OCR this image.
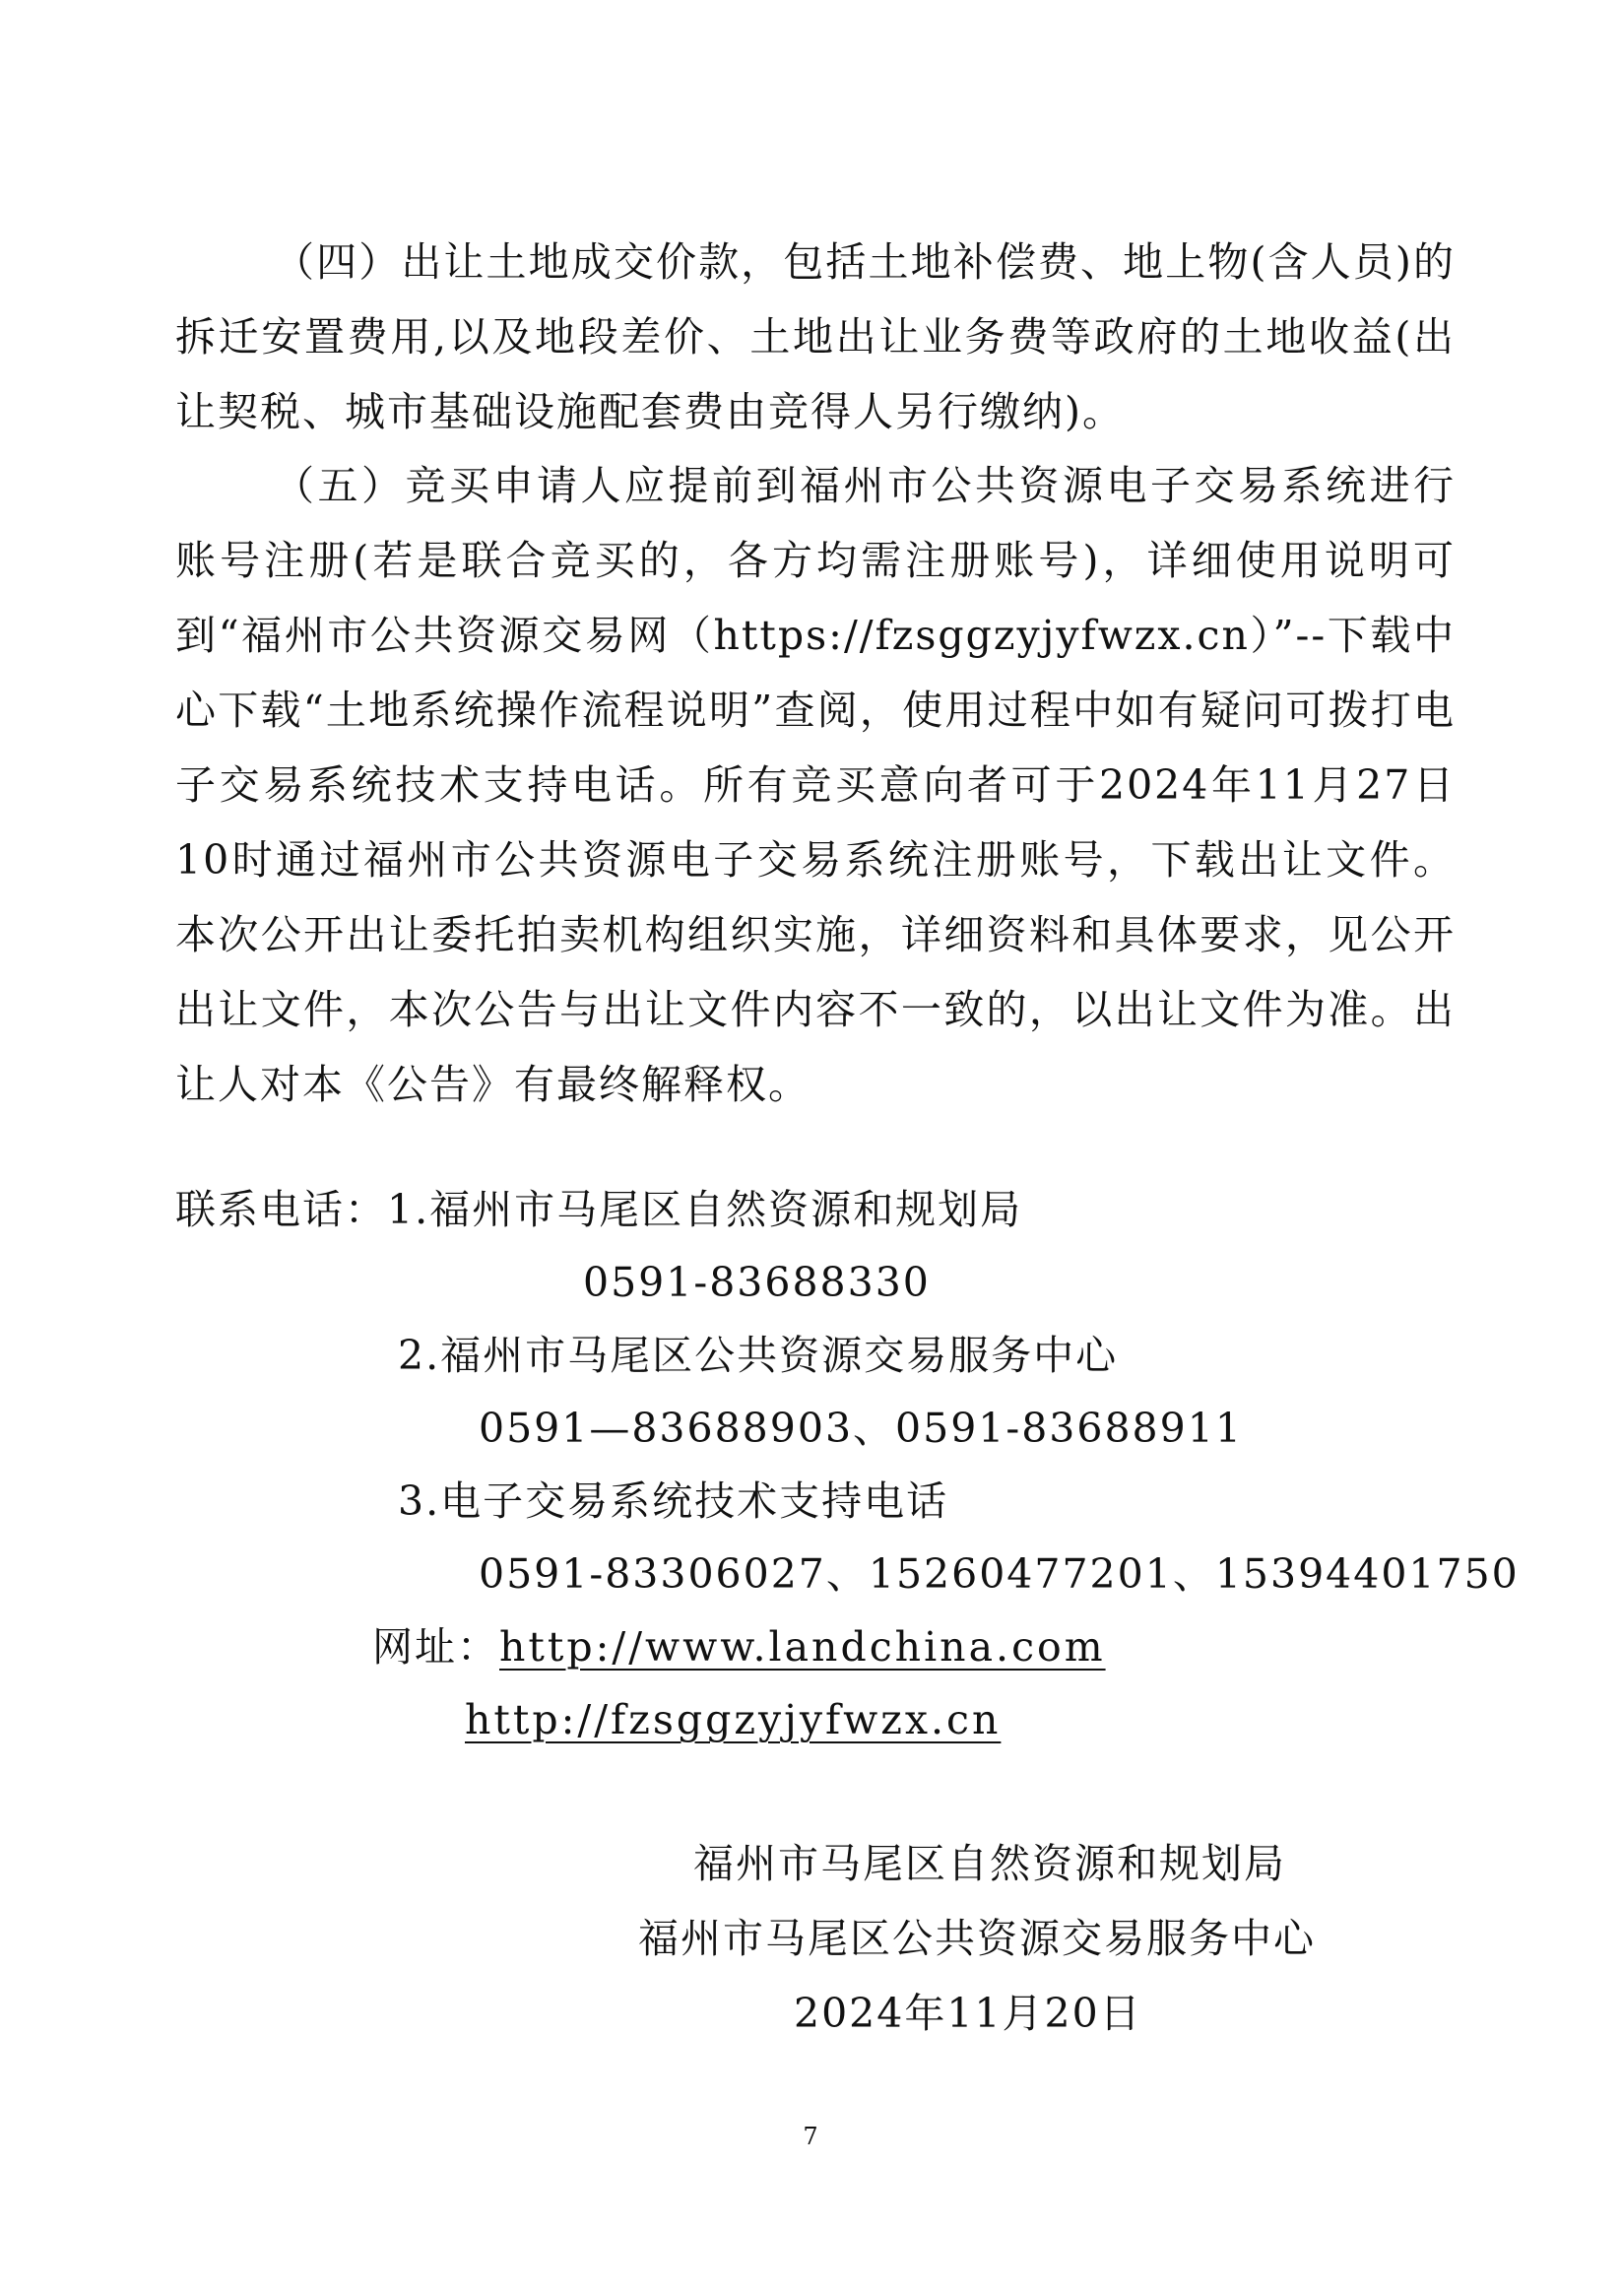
（四）出让土地成交价款，包括土地补偿费、地上物(含人员)的拆迁安置费用,以及地段差价、土地出让业务费等政府的土地收益(出让契税、城市基础设施配套费由竞得人另行缴纳)。

（五）竞买申请人应提前到福州市公共资源电子交易系统进行账号注册(若是联合竞买的，各方均需注册账号)，详细使用说明可到“福州市公共资源交易网（https://fzsggzyjyfwzx.cn）”--下载中心下载“土地系统操作流程说明”查阅，使用过程中如有疑问可拨打电子交易系统技术支持电话。所有竞买意向者可于2024年11月27日10时通过福州市公共资源电子交易系统注册账号，下载出让文件。本次公开出让委托拍卖机构组织实施，详细资料和具体要求，见公开出让文件，本次公告与出让文件内容不一致的，以出让文件为准。出让人对本《公告》有最终解释权。

联系电话：1.福州市马尾区自然资源和规划局

0591-83688330

2.福州市马尾区公共资源交易服务中心

0591—83688903、0591-83688911

3.电子交易系统技术支持电话

0591-83306027、15260477201、15394401750

网址：http://www.landchina.com

http://fzsggzyjyfwzx.cn

福州市马尾区自然资源和规划局

福州市马尾区公共资源交易服务中心

2024年11月20日

7
